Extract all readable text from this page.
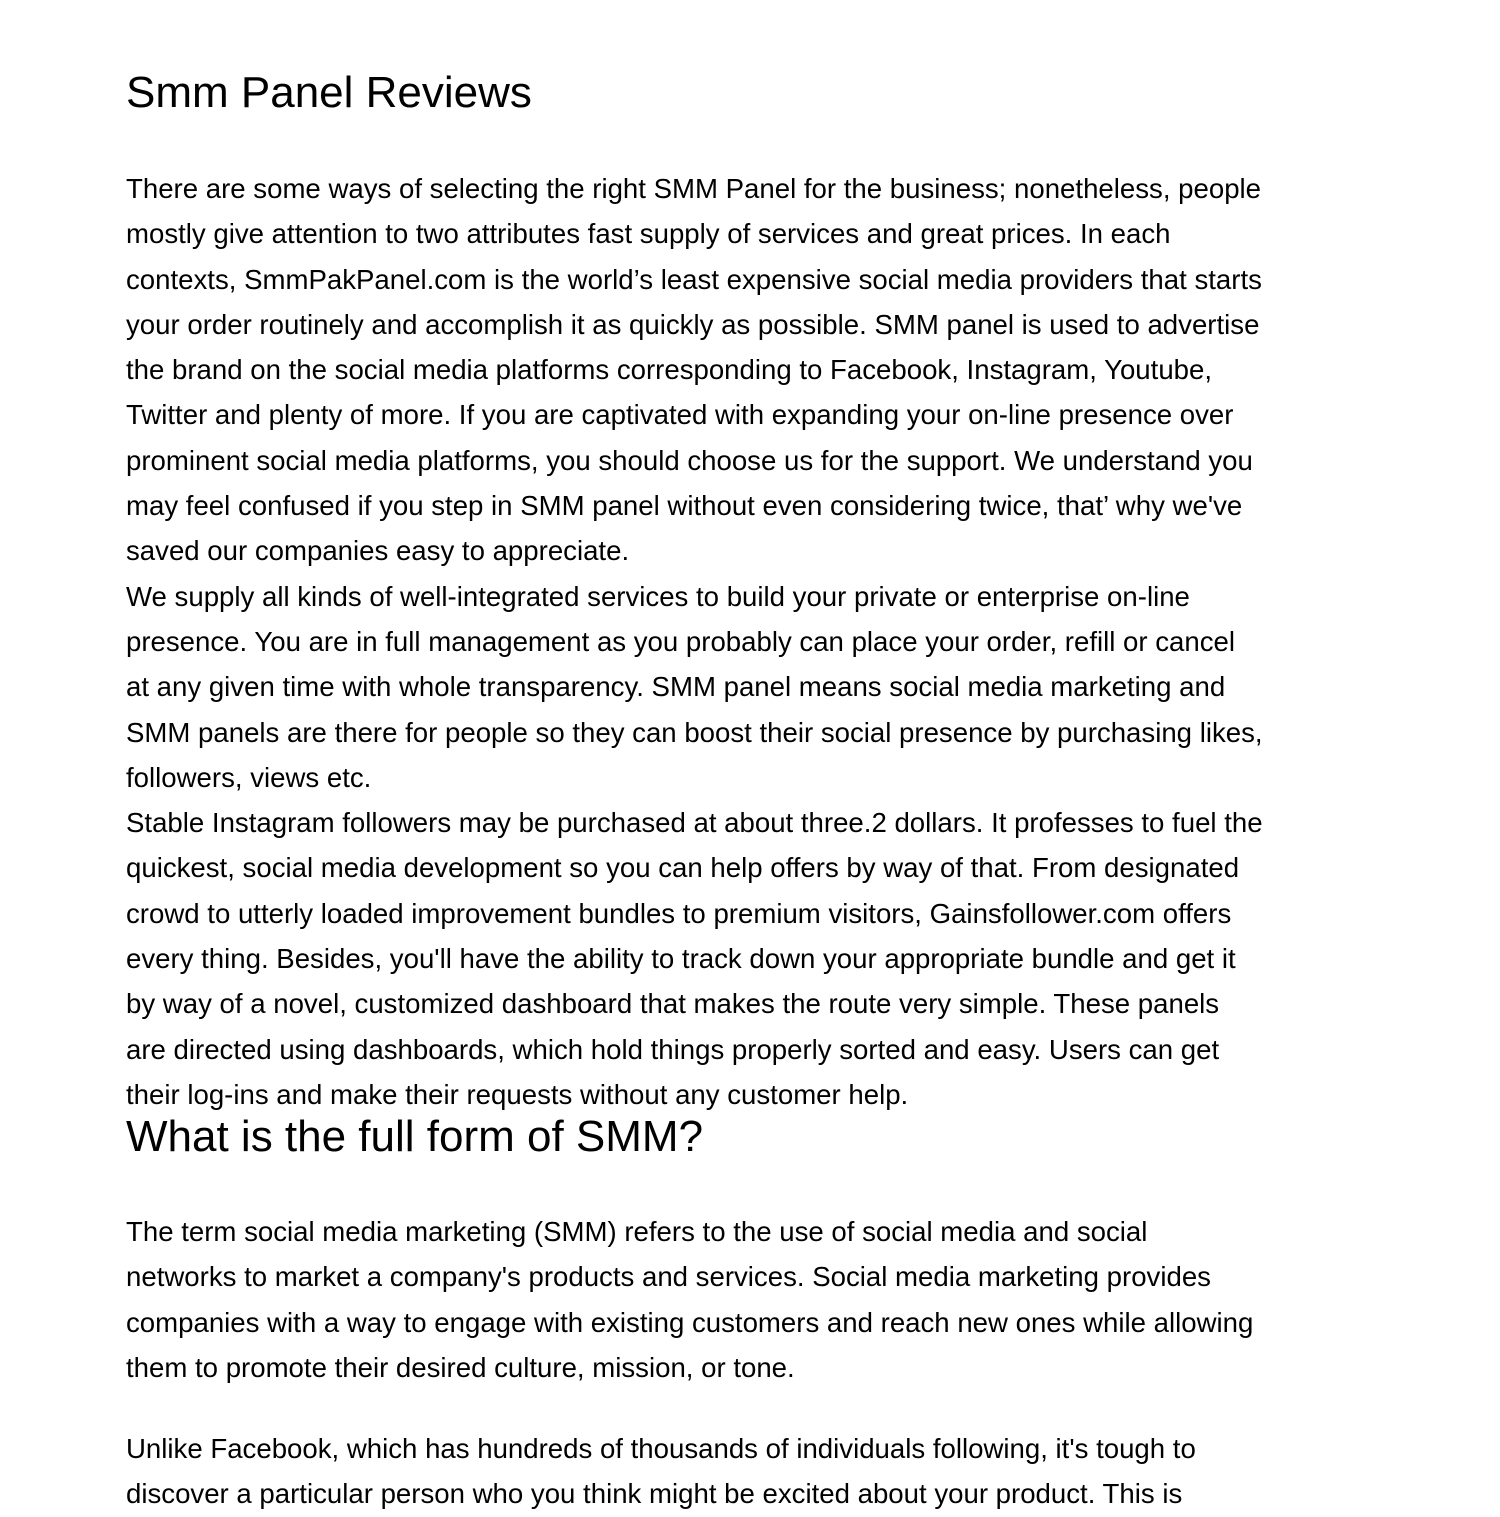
Smm Panel Reviews
There are some ways of selecting the right SMM Panel for the business; nonetheless, people
mostly give attention to two attributes fast supply of services and great prices. In each
contexts, SmmPakPanel.com is the world’s least expensive social media providers that starts
your order routinely and accomplish it as quickly as possible. SMM panel is used to advertise
the brand on the social media platforms corresponding to Facebook, Instagram, Youtube,
Twitter and plenty of more. If you are captivated with expanding your on-line presence over
prominent social media platforms, you should choose us for the support. We understand you
may feel confused if you step in SMM panel without even considering twice, that’ why we've
saved our companies easy to appreciate.
We supply all kinds of well-integrated services to build your private or enterprise on-line
presence. You are in full management as you probably can place your order, refill or cancel
at any given time with whole transparency. SMM panel means social media marketing and
SMM panels are there for people so they can boost their social presence by purchasing likes,
followers, views etc.
Stable Instagram followers may be purchased at about three.2 dollars. It professes to fuel the
quickest, social media development so you can help offers by way of that. From designated
crowd to utterly loaded improvement bundles to premium visitors, Gainsfollower.com offers
every thing. Besides, you'll have the ability to track down your appropriate bundle and get it
by way of a novel, customized dashboard that makes the route very simple. These panels
are directed using dashboards, which hold things properly sorted and easy. Users can get
their log-ins and make their requests without any customer help.
What is the full form of SMM?
The term social media marketing (SMM) refers to the use of social media and social
networks to market a company's products and services. Social media marketing provides
companies with a way to engage with existing customers and reach new ones while allowing
them to promote their desired culture, mission, or tone.
Unlike Facebook, which has hundreds of thousands of individuals following, it's tough to
discover a particular person who you think might be excited about your product. This is
